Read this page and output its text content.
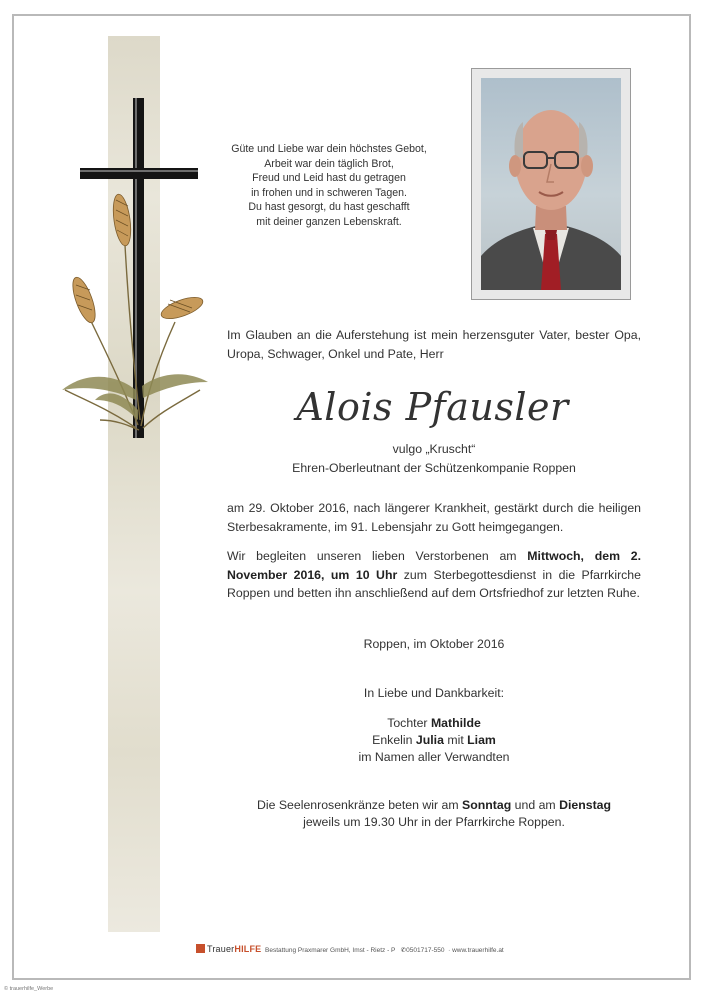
Güte und Liebe war dein höchstes Gebot,
Arbeit war dein täglich Brot,
Freud und Leid hast du getragen
in frohen und in schweren Tagen.
Du hast gesorgt, du hast geschafft
mit deiner ganzen Lebenskraft.
Im Glauben an die Auferstehung ist mein herzensguter Vater, bester Opa, Uropa, Schwager, Onkel und Pate, Herr
Alois Pfausler
vulgo „Kruscht“
Ehren-Oberleutnant der Schützenkompanie Roppen
am 29. Oktober 2016, nach längerer Krankheit, gestärkt durch die heiligen Sterbesakramente, im 91. Lebensjahr zu Gott heimgegangen.
Wir begleiten unseren lieben Verstorbenen am Mittwoch, dem 2. November 2016, um 10 Uhr zum Sterbegottesdienst in die Pfarrkirche Roppen und betten ihn anschließend auf dem Ortsfriedhof zur letzten Ruhe.
Roppen, im Oktober 2016
In Liebe und Dankbarkeit:
Tochter Mathilde
Enkelin Julia mit Liam
im Namen aller Verwandten
Die Seelenrosenkränze beten wir am Sonntag und am Dienstag
jeweils um 19.30 Uhr in der Pfarrkirche Roppen.
TrauerHILFE Bestattung Praxmarer GmbH, Imst - Rietz - P ✆0501717-550  · www.trauerhilfe.at
© trauerhilfe_Werbe
